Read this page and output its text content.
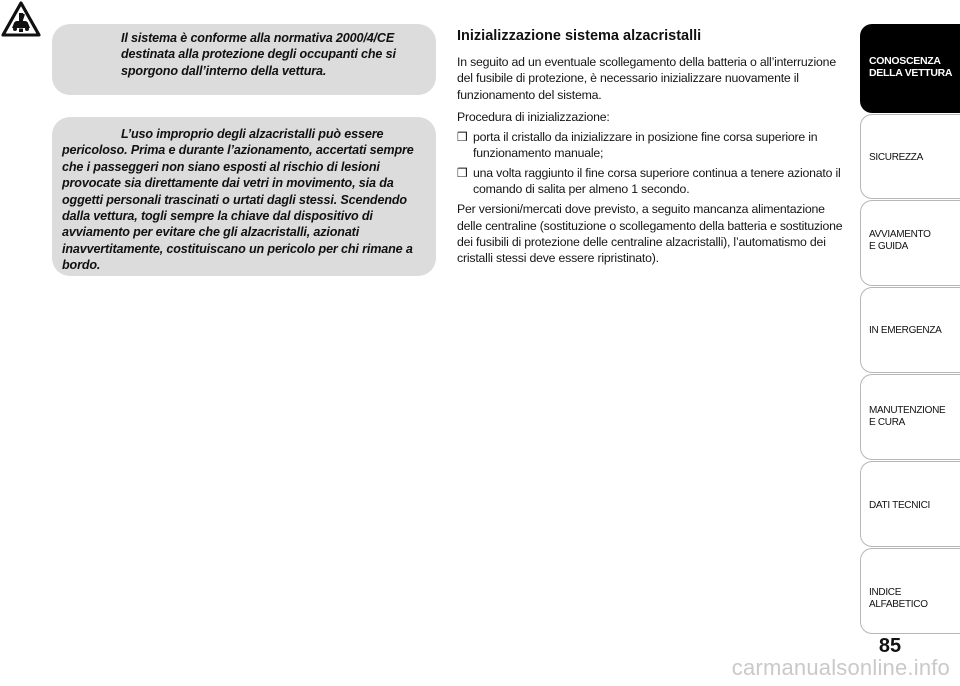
Il sistema è conforme alla normativa 2000/4/CE destinata alla protezione degli occupanti che si sporgono dall’interno della vettura.

L’uso improprio degli alzacristalli può essere pericoloso. Prima e durante l’azionamento, accertati sempre che i passeggeri non siano esposti al rischio di lesioni provocate sia direttamente dai vetri in movimento, sia da oggetti personali trascinati o urtati dagli stessi. Scendendo dalla vettura, togli sempre la chiave dal dispositivo di avviamento per evitare che gli alzacristalli, azionati inavvertitamente, costituiscano un pericolo per chi rimane a bordo.

Inizializzazione sistema alzacristalli

In seguito ad un eventuale scollegamento della batteria o all’interruzione del fusibile di protezione, è necessario inizializzare nuovamente il funzionamento del sistema.

Procedura di inizializzazione:

❒ porta il cristallo da inizializzare in posizione fine corsa superiore in funzionamento manuale;
❒ una volta raggiunto il fine corsa superiore continua a tenere azionato il comando di salita per almeno 1 secondo.

Per versioni/mercati dove previsto, a seguito mancanza alimentazione delle centraline (sostituzione o scollegamento della batteria e sostituzione dei fusibili di protezione delle centraline alzacristalli), l’automatismo dei cristalli stessi deve essere ripristinato).

CONOSCENZA DELLA VETTURA
SICUREZZA
AVVIAMENTO E GUIDA
IN EMERGENZA
MANUTENZIONE E CURA
DATI TECNICI
INDICE ALFABETICO
85
carmanualsonline.info
